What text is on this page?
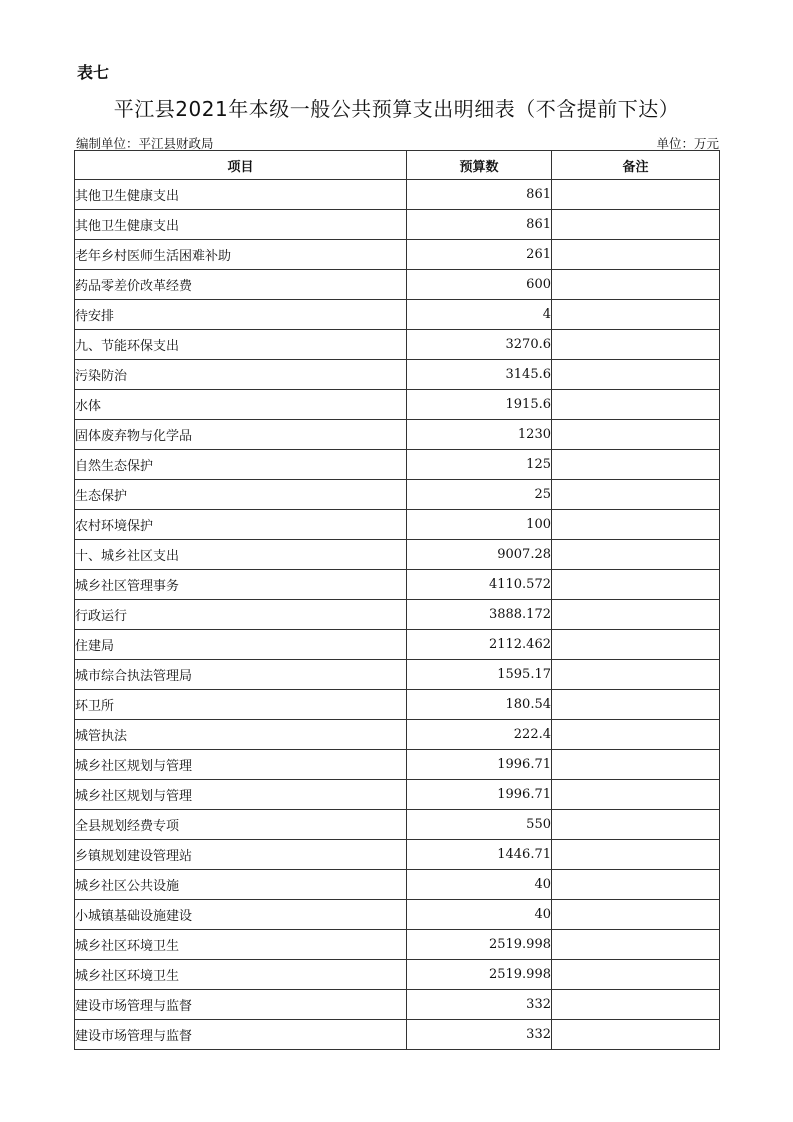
表七
平江县2021年本级一般公共预算支出明细表（不含提前下达）
编制单位：平江县财政局	单位：万元
项目	预算数	备注
其他卫生健康支出	861	
其他卫生健康支出	861	
老年乡村医师生活困难补助	261	
药品零差价改革经费	600	
待安排	4	
九、节能环保支出	3270.6	
污染防治	3145.6	
水体	1915.6	
固体废弃物与化学品	1230	
自然生态保护	125	
生态保护	25	
农村环境保护	100	
十、城乡社区支出	9007.28	
城乡社区管理事务	4110.572	
行政运行	3888.172	
住建局	2112.462	
城市综合执法管理局	1595.17	
环卫所	180.54	
城管执法	222.4	
城乡社区规划与管理	1996.71	
城乡社区规划与管理	1996.71	
全县规划经费专项	550	
乡镇规划建设管理站	1446.71	
城乡社区公共设施	40	
小城镇基础设施建设	40	
城乡社区环境卫生	2519.998	
城乡社区环境卫生	2519.998	
建设市场管理与监督	332	
建设市场管理与监督	332	
